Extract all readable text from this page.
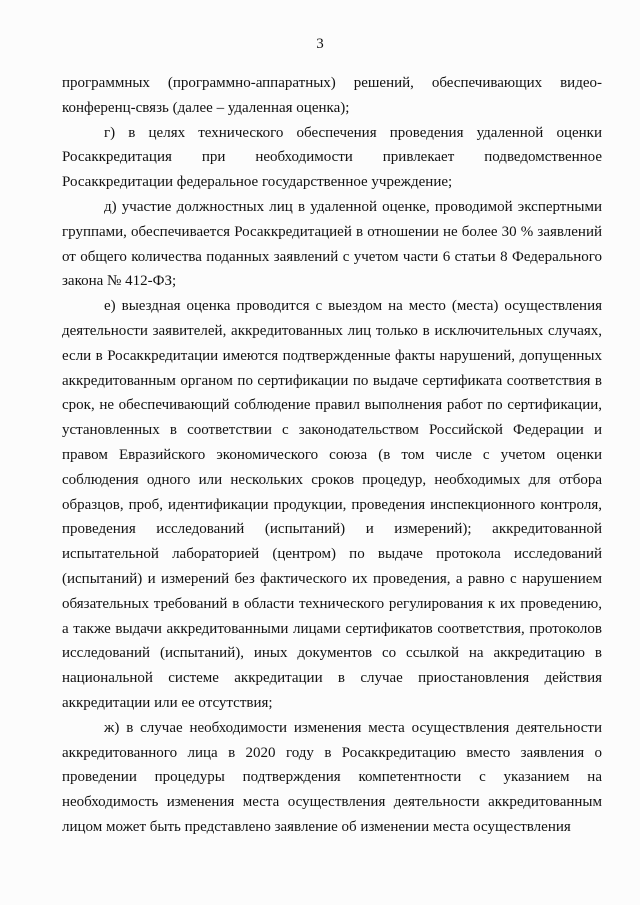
3

программных (программно-аппаратных) решений, обеспечивающих видео-конференц-связь (далее – удаленная оценка);

г) в целях технического обеспечения проведения удаленной оценки Росаккредитация при необходимости привлекает подведомственное Росаккредитации федеральное государственное учреждение;

д) участие должностных лиц в удаленной оценке, проводимой экспертными группами, обеспечивается Росаккредитацией в отношении не более 30 % заявлений от общего количества поданных заявлений с учетом части 6 статьи 8 Федерального закона № 412-ФЗ;

е) выездная оценка проводится с выездом на место (места) осуществления деятельности заявителей, аккредитованных лиц только в исключительных случаях, если в Росаккредитации имеются подтвержденные факты нарушений, допущенных аккредитованным органом по сертификации по выдаче сертификата соответствия в срок, не обеспечивающий соблюдение правил выполнения работ по сертификации, установленных в соответствии с законодательством Российской Федерации и правом Евразийского экономического союза (в том числе с учетом оценки соблюдения одного или нескольких сроков процедур, необходимых для отбора образцов, проб, идентификации продукции, проведения инспекционного контроля, проведения исследований (испытаний) и измерений); аккредитованной испытательной лабораторией (центром) по выдаче протокола исследований (испытаний) и измерений без фактического их проведения, а равно с нарушением обязательных требований в области технического регулирования к их проведению, а также выдачи аккредитованными лицами сертификатов соответствия, протоколов исследований (испытаний), иных документов со ссылкой на аккредитацию в национальной системе аккредитации в случае приостановления действия аккредитации или ее отсутствия;

ж) в случае необходимости изменения места осуществления деятельности аккредитованного лица в 2020 году в Росаккредитацию вместо заявления о проведении процедуры подтверждения компетентности с указанием на необходимость изменения места осуществления деятельности аккредитованным лицом может быть представлено заявление об изменении места осуществления
